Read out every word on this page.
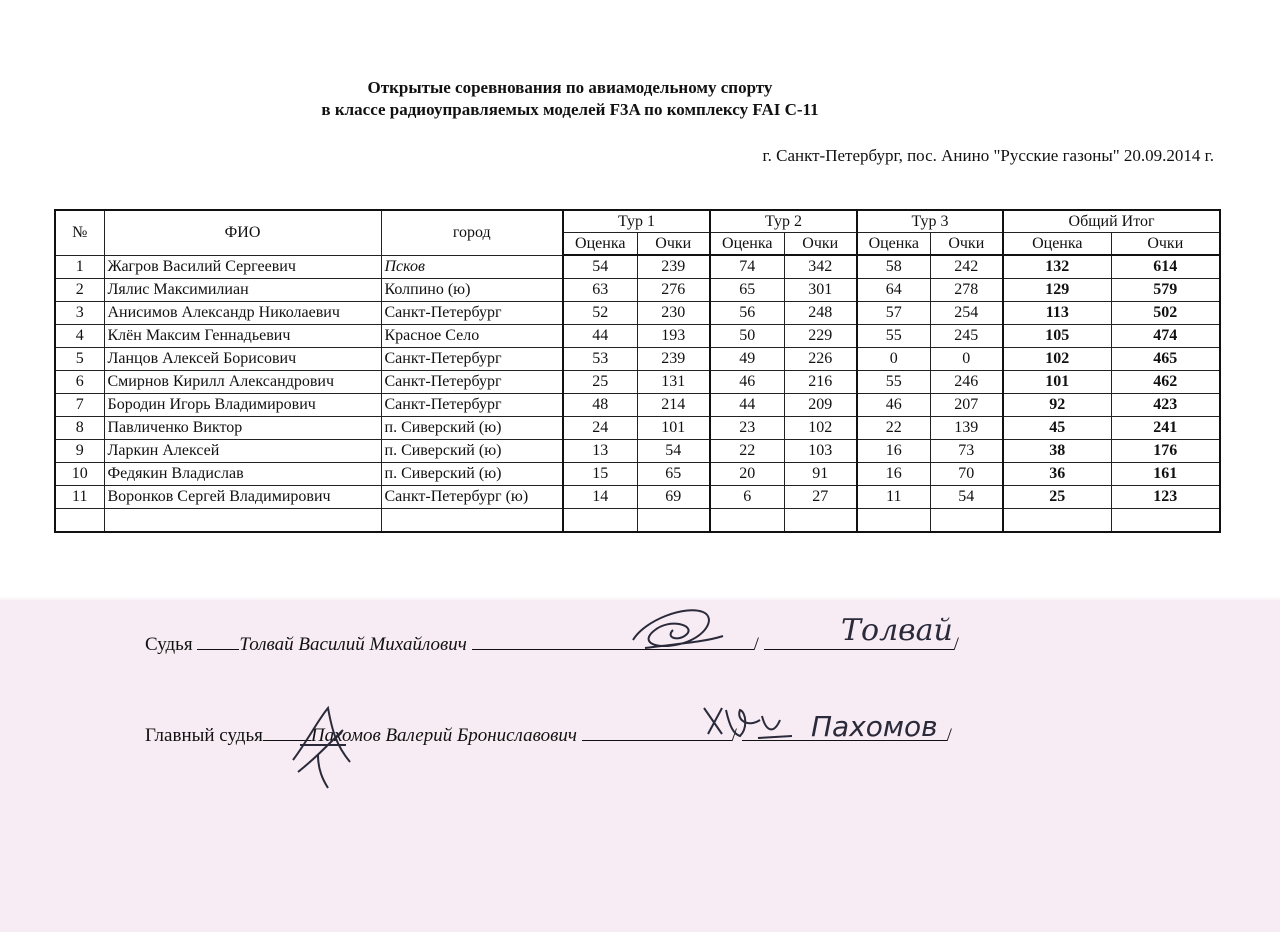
Открытые соревнования по авиамодельному спорту
в классе радиоуправляемых моделей F3A по комплексу FAI С-11
г. Санкт-Петербург, пос. Анино "Русские газоны" 20.09.2014 г.
№	ФИО	город	Тур 1		Тур 2		Тур 3		Общий Итог	
			Оценка	Очки	Оценка	Очки	Оценка	Очки	Оценка	Очки
1	Жагров Василий Сергеевич	Псков	54	239	74	342	58	242	132	614
2	Лялис Максимилиан	Колпино (ю)	63	276	65	301	64	278	129	579
3	Анисимов Александр Николаевич	Санкт-Петербург	52	230	56	248	57	254	113	502
4	Клён Максим Геннадьевич	Красное Село	44	193	50	229	55	245	105	474
5	Ланцов Алексей Борисович	Санкт-Петербург	53	239	49	226	0	0	102	465
6	Смирнов Кирилл Александрович	Санкт-Петербург	25	131	46	216	55	246	101	462
7	Бородин Игорь Владимирович	Санкт-Петербург	48	214	44	209	46	207	92	423
8	Павличенко Виктор	п. Сиверский (ю)	24	101	23	102	22	139	45	241
9	Ларкин Алексей	п. Сиверский (ю)	13	54	22	103	16	73	38	176
10	Федякин Владислав	п. Сиверский (ю)	15	65	20	91	16	70	36	161
11	Воронков Сергей Владимирович	Санкт-Петербург (ю)	14	69	6	27	11	54	25	123

Судья Толвай Василий Михайлович	/	/
Главный судья	Пахомов Валерий Брониславович	/	/
Толвай
Пахомов
